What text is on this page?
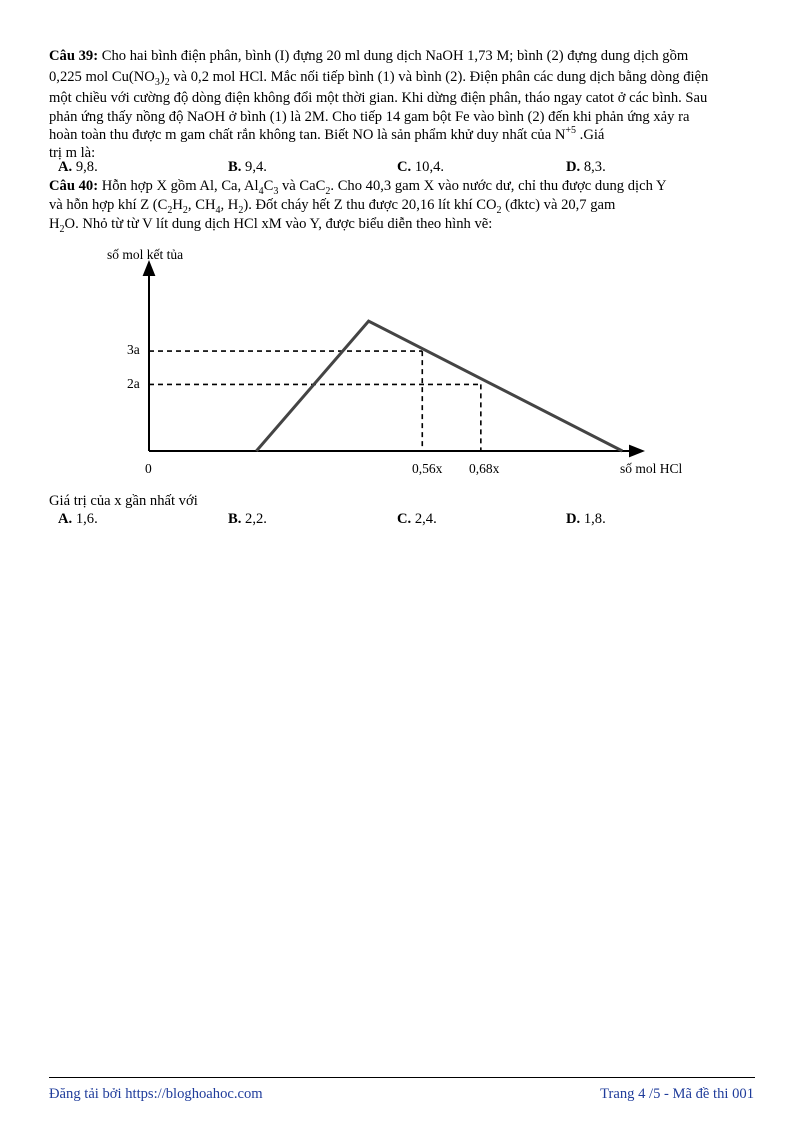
Câu 39: Cho hai bình điện phân, bình (I) đựng 20 ml dung dịch NaOH 1,73 M; bình (2) đựng dung dịch gồm
0,225 mol $Cu(NO_3)_2$ và 0,2 mol HCl. Mắc nối tiếp bình (1) và bình (2). Điện phân các dung dịch bằng dòng điện
một chiều với cường độ dòng điện không đổi một thời gian. Khi dừng điện phân, tháo ngay catot ở các bình. Sau
phản ứng thấy nồng độ NaOH ở bình (1) là 2M. Cho tiếp 14 gam bột Fe vào bình (2) đến khi phản ứng xảy ra
hoàn toàn thu được m gam chất rắn không tan. Biết NO là sản phẩm khử duy nhất của $N^{+5}$ .Giá
trị m là:
A. 9,8.	B. 9,4.	C. 10,4.	D. 8,3.
Câu 40: Hỗn hợp X gồm Al, Ca, $Al_4C_3$ và CaC$_2$. Cho 40,3 gam X vào nước dư, chỉ thu được dung dịch Y
và hỗn hợp khí Z ($C_2H_2$, $CH_4$, $H_2$). Đốt cháy hết Z thu được 20,16 lít khí $CO_2$ (đktc) và 20,7 gam
$H_2O$. Nhỏ từ từ V lít dung dịch HCl xM vào Y, được biểu diễn theo hình vẽ:
số mol kết tủa
0
3a
2a
0,56x 0,68x	số mol HCl
Giá trị của x gần nhất với
A. 1,6.	B. 2,2.	C. 2,4.	D. 1,8.
Đăng tải bởi https://bloghoahoc.com	Trang 4 /5 - Mã đề thi 001
